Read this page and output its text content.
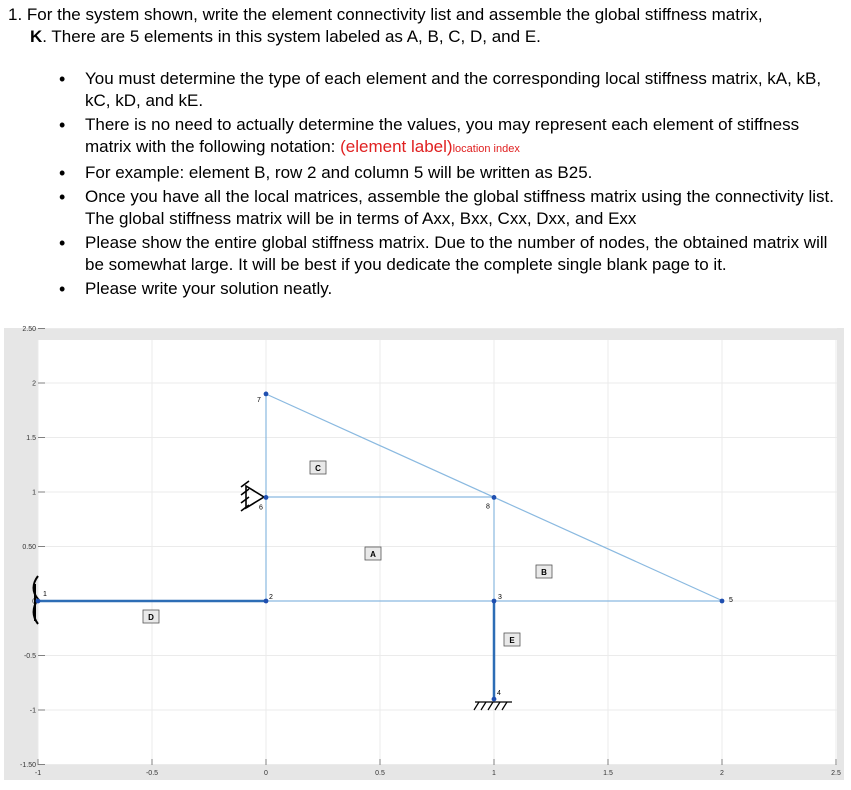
1. For the system shown, write the element connectivity list and assemble the global stiffness matrix,
K. There are 5 elements in this system labeled as A, B, C, D, and E.
• You must determine the type of each element and the corresponding local stiffness matrix, kA, kB, kC, kD, and kE.
• There is no need to actually determine the values, you may represent each element of stiffness matrix with the following notation: (element label)location index
• For example: element B, row 2 and column 5 will be written as B25.
• Once you have all the local matrices, assemble the global stiffness matrix using the connectivity list. The global stiffness matrix will be in terms of Axx, Bxx, Cxx, Dxx, and Exx
• Please show the entire global stiffness matrix. Due to the number of nodes, the obtained matrix will be somewhat large. It will be best if you dedicate the complete single blank page to it.
• Please write your solution neatly.
-1	-0.5	0	0.5	1	1.5	2	2.5
2.50
2
1.5
1
0.50
0
-0.5
-1
-1.50
1	2	3
4
5
6
7
8
A
B
C
D
E
